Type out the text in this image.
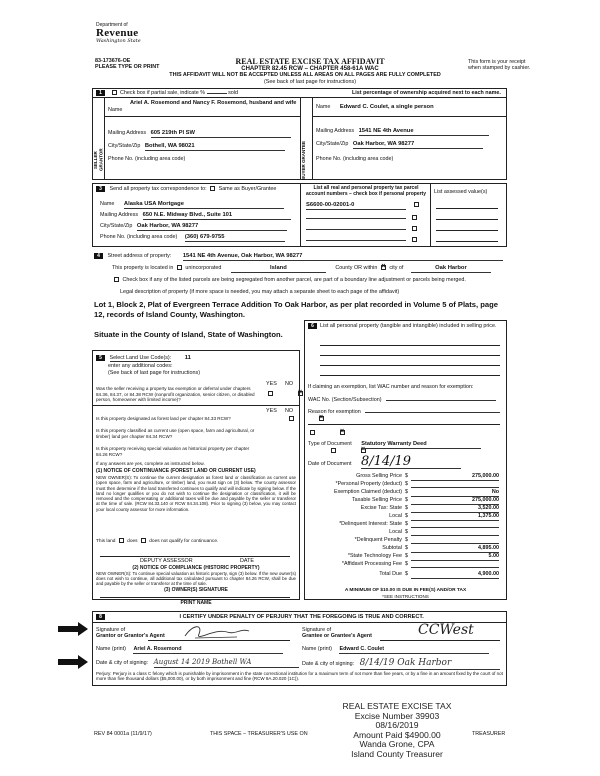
Department of
Revenue
Washington State
83-173676-OE
PLEASE TYPE OR PRINT
REAL ESTATE EXCISE TAX AFFIDAVIT
CHAPTER 82.45 RCW – CHAPTER 458-61A WAC
THIS AFFIDAVIT WILL NOT BE ACCEPTED UNLESS ALL AREAS ON ALL PAGES ARE FULLY COMPLETED
(See back of last page for instructions)
This form is your receipt
when stamped by cashier.
1	Check box if partial sale, indicate %	sold	List percentage of ownership acquired next to each name.
SELLER GRANTOR
Name
Ariel A. Rosemond and Nancy F. Rosemond, husband and wife
Mailing Address 605 219th Pl SW
City/State/Zip Bothell, WA 98021
Phone No. (including area code)	BUYER GRANTEE
Name Edward C. Coulet, a single person
Mailing Address 1541 NE 4th Avenue
City/State/Zip Oak Harbor, WA 98277
Phone No. (including area code)
3 Send all property tax correspondence to: Same as Buyer/Grantee
Name Alaska USA Mortgage
Mailing Address 650 N.E. Midway Blvd., Suite 101
City/State/Zip Oak Harbor, WA 98277
Phone No. (including area code) (360) 679-9755
List all real and personal property tax parcel account numbers – check box if personal property	List assessed value(s)
S6600-00-02001-0
4 Street address of property: 1541 NE 4th Avenue, Oak Harbor, WA 98277
This property is located in unincorporated	Island	County OR within × city of	Oak Harbor
Check box if any of the listed parcels are being segregated from another parcel, are part of a boundary line adjustment or parcels being merged.
Legal description of property (if more space is needed, you may attach a separate sheet to each page of the affidavit)
Lot 1, Block 2, Plat of Evergreen Terrace Addition To Oak Harbor, as per plat recorded in Volume 5 of Plats, page 12, records of Island County, Washington.
Situate in the County of Island, State of Washington.
5 Select Land Use Code(s): 11
enter any additional codes:
(See back of last page for instructions)
YES NO
Was the seller receiving a property tax exemption or deferral under chapters 84.36, 84.37, or 84.38 RCW (nonprofit organization, senior citizen, or disabled person, homeowner with limited income)?
×
YES NO
Is this property designated as forest land per chapter 84.33 RCW?
×
Is this property classified as current use (open space, farm and agricultural, or timber) land per chapter 84.34 RCW?
×
Is this property receiving special valuation as historical property per chapter 84.26 RCW?
×
If any answers are yes, complete as instructed below.
(1) NOTICE OF CONTINUANCE (FOREST LAND OR CURRENT USE)
NEW OWNER(S): To continue the current designation as forest land or classification as current use (open space, farm and agriculture, or timber) land, you must sign on (3) below. The county assessor must then determine if the land transferred continues to qualify and will indicate by signing below. If the land no longer qualifies or you do not wish to continue the designation or classification, it will be removed and the compensating or additional taxes will be due and payable by the seller or transferor at the time of sale. (RCW 84.33.140 or RCW 84.34.108). Prior to signing (3) below, you may contact your local county assessor for more information.
This land does does not qualify for continuance.
DEPUTY ASSESSOR	DATE
(2) NOTICE OF COMPLIANCE (HISTORIC PROPERTY)
NEW OWNER(S): To continue special valuation as historic property, sign (3) below. If the new owner(s) does not wish to continue, all additional tax calculated pursuant to chapter 84.26 RCW, shall be due and payable by the seller or transferor at the time of sale.
(3) OWNER(S) SIGNATURE
PRINT NAME
6	List all personal property (tangible and intangible) included in selling price.
If claiming an exemption, list WAC number and reason for exemption:
WAC No. (Section/Subsection)
Reason for exemption
Type of Document Statutory Warranty Deed
Date of Document 8/14/19
Gross Selling Price $	275,000.00
*Personal Property (deduct) $
Exemption Claimed (deduct) $	No
Taxable Selling Price $	275,000.00
Excise Tax: State $	3,520.00
Local $	1,375.00
*Delinquent Interest: State $
Local $
*Delinquent Penalty $
Subtotal $	4,895.00
*State Technology Fee $	5.00
*Affidavit Processing Fee $
Total Due $	4,900.00
A MINIMUM OF $10.00 IS DUE IN FEE(S) AND/OR TAX
*SEE INSTRUCTIONS
8	I CERTIFY UNDER PENALTY OF PERJURY THAT THE FOREGOING IS TRUE AND CORRECT.
Signature of
Grantor or Grantor's Agent
Name (print) Ariel A. Rosemond
Date & city of signing: August 14 2019 Bothell WA
Signature of
Grantee or Grantee's Agent	CCWest
Name (print) Edward C. Coulet
Date & city of signing: 8/14/19 Oak Harbor
Perjury: Perjury is a class C felony which is punishable by imprisonment in the state correctional institution for a maximum term of not more than five years, or by a fine in an amount fixed by the court of not more than five thousand dollars ($5,000.00), or by both imprisonment and fine (RCW 9A.20.020 (1C)).
REAL ESTATE EXCISE TAX
Excise Number 39903
08/16/2019
Amount Paid $4900.00
Wanda Grone, CPA
Island County Treasurer
REV 84 0001a (11/9/17)	THIS SPACE – TREASURER'S USE ON	TREASURER
